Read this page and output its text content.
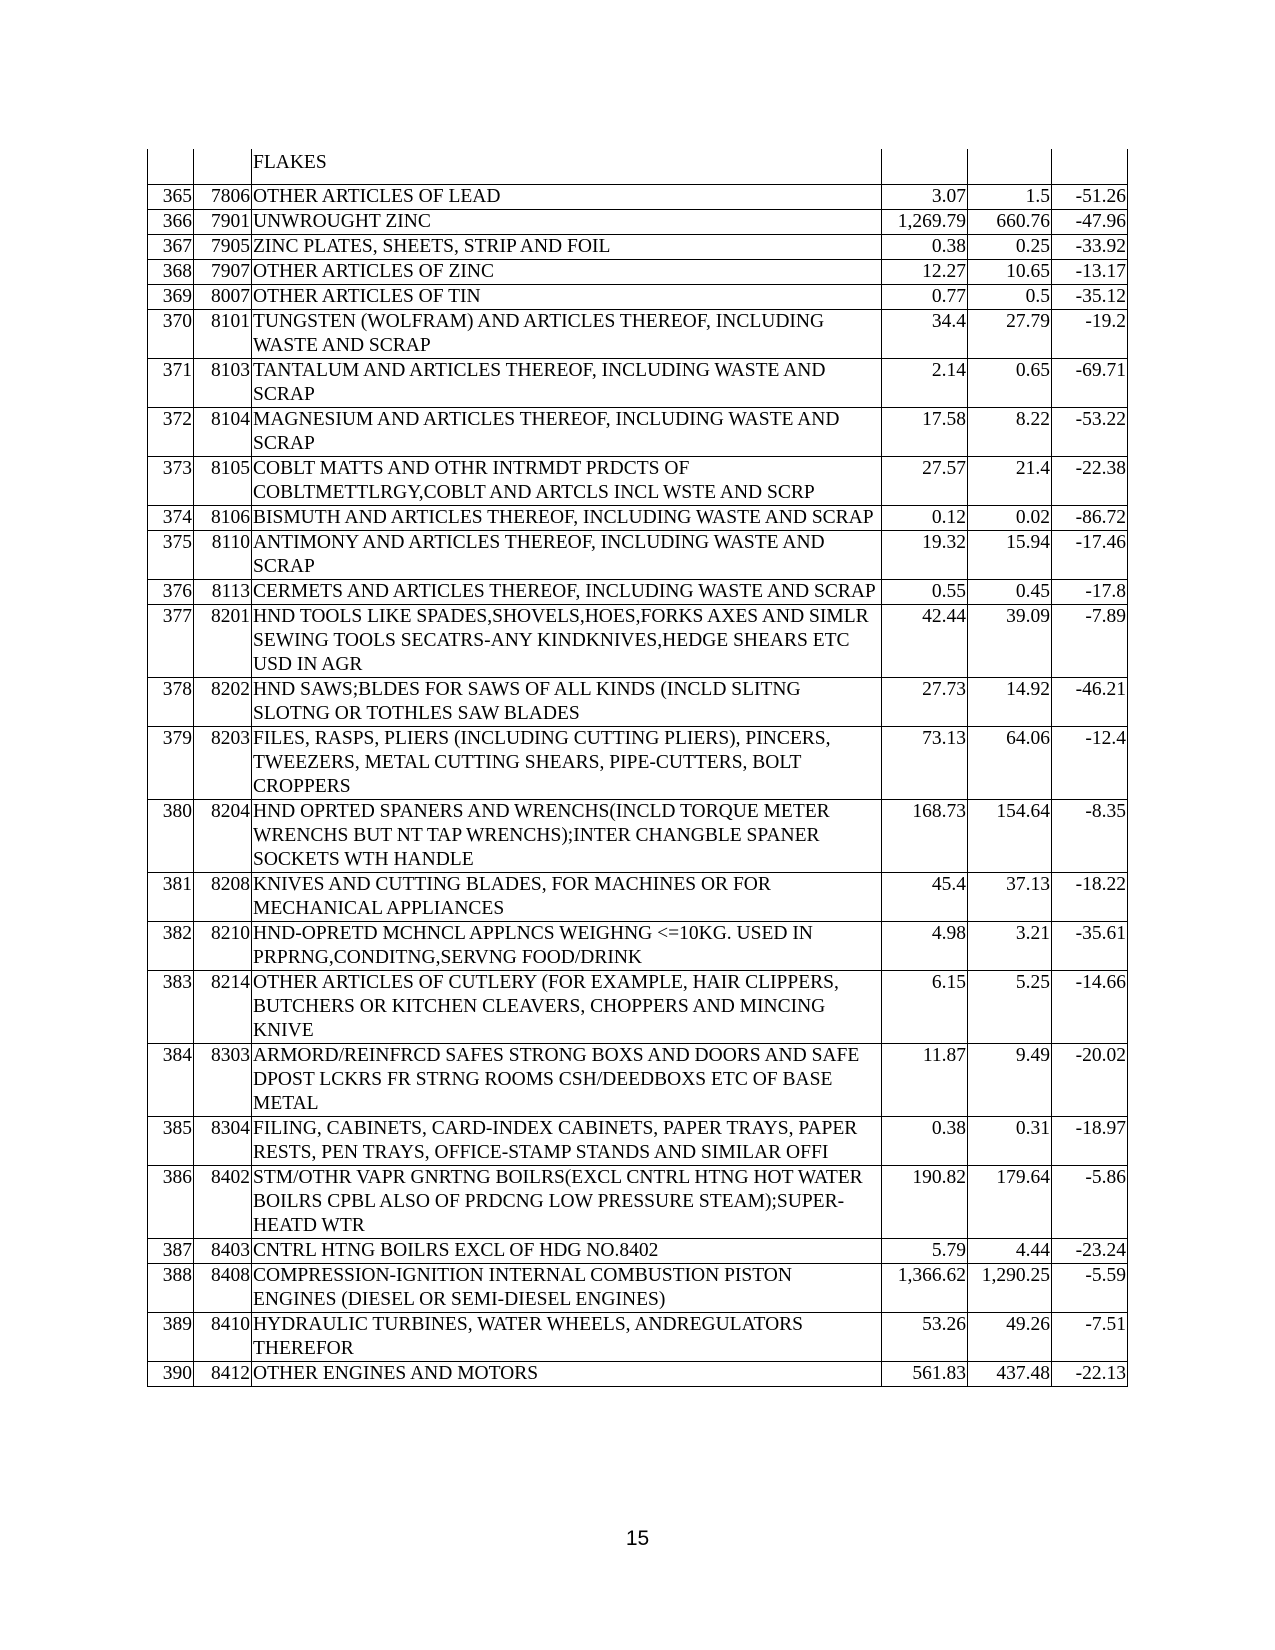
		FLAKES			
365	7806	OTHER ARTICLES OF LEAD	3.07	1.5	-51.26
366	7901	UNWROUGHT ZINC	1,269.79	660.76	-47.96
367	7905	ZINC PLATES, SHEETS, STRIP AND FOIL	0.38	0.25	-33.92
368	7907	OTHER ARTICLES OF ZINC	12.27	10.65	-13.17
369	8007	OTHER ARTICLES OF TIN	0.77	0.5	-35.12
370	8101	TUNGSTEN (WOLFRAM) AND ARTICLES THEREOF, INCLUDING WASTE AND SCRAP	34.4	27.79	-19.2
371	8103	TANTALUM AND ARTICLES THEREOF, INCLUDING WASTE AND SCRAP	2.14	0.65	-69.71
372	8104	MAGNESIUM AND ARTICLES THEREOF, INCLUDING WASTE AND SCRAP	17.58	8.22	-53.22
373	8105	COBLT MATTS AND OTHR INTRMDT PRDCTS OF COBLTMETTLRGY,COBLT AND ARTCLS INCL WSTE AND SCRP	27.57	21.4	-22.38
374	8106	BISMUTH AND ARTICLES THEREOF, INCLUDING WASTE AND SCRAP	0.12	0.02	-86.72
375	8110	ANTIMONY AND ARTICLES THEREOF, INCLUDING WASTE AND SCRAP	19.32	15.94	-17.46
376	8113	CERMETS AND ARTICLES THEREOF, INCLUDING WASTE AND SCRAP	0.55	0.45	-17.8
377	8201	HND TOOLS LIKE SPADES,SHOVELS,HOES,FORKS AXES AND SIMLR SEWING TOOLS SECATRS-ANY KINDKNIVES,HEDGE SHEARS ETC USD IN AGR	42.44	39.09	-7.89
378	8202	HND SAWS;BLDES FOR SAWS OF ALL KINDS (INCLD SLITNG SLOTNG OR TOTHLES SAW BLADES	27.73	14.92	-46.21
379	8203	FILES, RASPS, PLIERS (INCLUDING CUTTING PLIERS), PINCERS, TWEEZERS, METAL CUTTING SHEARS, PIPE-CUTTERS, BOLT CROPPERS	73.13	64.06	-12.4
380	8204	HND OPRTED SPANERS AND WRENCHS(INCLD TORQUE METER WRENCHS BUT NT TAP WRENCHS);INTER CHANGBLE SPANER SOCKETS WTH HANDLE	168.73	154.64	-8.35
381	8208	KNIVES AND CUTTING BLADES, FOR MACHINES OR FOR MECHANICAL APPLIANCES	45.4	37.13	-18.22
382	8210	HND-OPRETD MCHNCL APPLNCS WEIGHNG <=10KG. USED IN PRPRNG,CONDITNG,SERVNG FOOD/DRINK	4.98	3.21	-35.61
383	8214	OTHER ARTICLES OF CUTLERY (FOR EXAMPLE, HAIR CLIPPERS, BUTCHERS OR KITCHEN CLEAVERS, CHOPPERS AND MINCING KNIVE	6.15	5.25	-14.66
384	8303	ARMORD/REINFRCD SAFES STRONG BOXS AND DOORS AND SAFE DPOST LCKRS FR STRNG ROOMS CSH/DEEDBOXS ETC OF BASE METAL	11.87	9.49	-20.02
385	8304	FILING, CABINETS, CARD-INDEX CABINETS, PAPER TRAYS, PAPER RESTS, PEN TRAYS, OFFICE-STAMP STANDS AND SIMILAR OFFI	0.38	0.31	-18.97
386	8402	STM/OTHR VAPR GNRTNG BOILRS(EXCL CNTRL HTNG HOT WATER BOILRS CPBL ALSO OF PRDCNG LOW PRESSURE STEAM);SUPER-HEATD WTR	190.82	179.64	-5.86
387	8403	CNTRL HTNG BOILRS EXCL OF HDG NO.8402	5.79	4.44	-23.24
388	8408	COMPRESSION-IGNITION INTERNAL COMBUSTION PISTON ENGINES (DIESEL OR SEMI-DIESEL ENGINES)	1,366.62	1,290.25	-5.59
389	8410	HYDRAULIC TURBINES, WATER WHEELS, ANDREGULATORS THEREFOR	53.26	49.26	-7.51
390	8412	OTHER ENGINES AND MOTORS	561.83	437.48	-22.13
15
